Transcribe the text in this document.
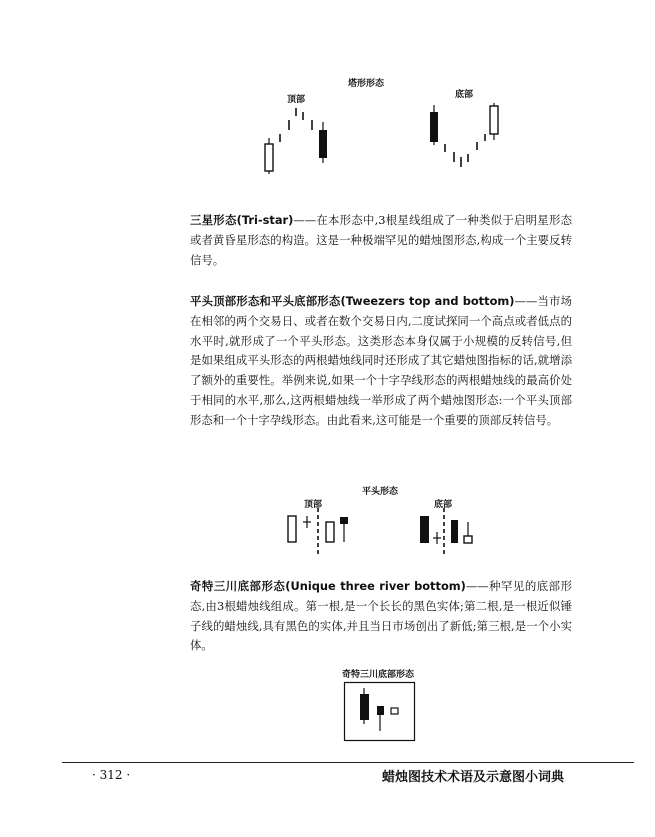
塔形形态
顶部	底部

三星形态(Tri-star)——在本形态中,3根星线组成了一种类似于启明星形态或者黄昏星形态的构造。这是一种极端罕见的蜡烛图形态,构成一个主要反转信号。

平头顶部形态和平头底部形态(Tweezers top and bottom)——当市场在相邻的两个交易日、或者在数个交易日内,二度试探同一个高点或者低点的水平时,就形成了一个平头形态。这类形态本身仅属于小规模的反转信号,但是如果组成平头形态的两根蜡烛线同时还形成了其它蜡烛图指标的话,就增添了额外的重要性。举例来说,如果一个十字孕线形态的两根蜡烛线的最高价处于相同的水平,那么,这两根蜡烛线一举形成了两个蜡烛图形态:一个平头顶部形态和一个十字孕线形态。由此看来,这可能是一个重要的顶部反转信号。

平头形态
顶部	底部

奇特三川底部形态(Unique three river bottom)——种罕见的底部形态,由3根蜡烛线组成。第一根,是一个长长的黑色实体;第二根,是一根近似锤子线的蜡烛线,具有黑色的实体,并且当日市场创出了新低;第三根,是一个小实体。

奇特三川底部形态
· 312 ·	蜡烛图技术术语及示意图小词典
